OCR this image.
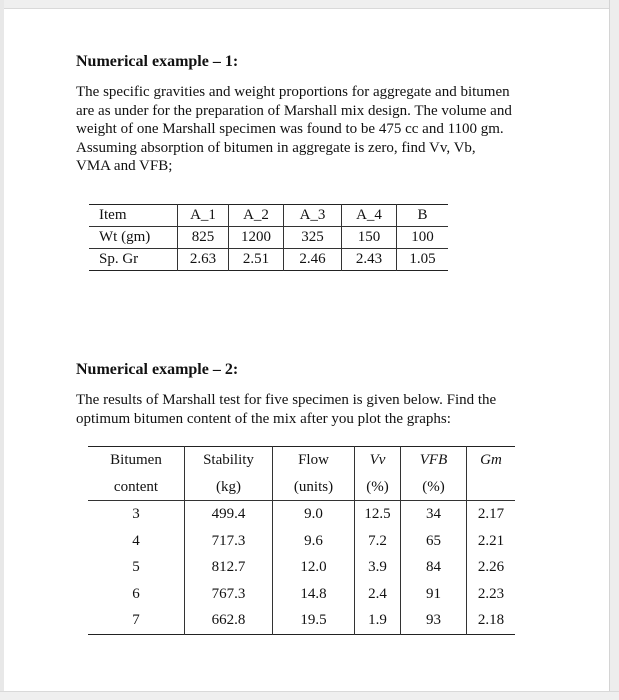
Numerical example – 1:
The specific gravities and weight proportions for aggregate and bitumen
are as under for the preparation of Marshall mix design. The volume and
weight of one Marshall specimen was found to be 475 cc and 1100 gm.
Assuming absorption of bitumen in aggregate is zero, find Vv, Vb,
VMA and VFB;
Item	A_1	A_2	A_3	A_4	B
Wt (gm)	825	1200	325	150	100
Sp. Gr	2.63	2.51	2.46	2.43	1.05
Numerical example – 2:
The results of Marshall test for five specimen is given below. Find the
optimum bitumen content of the mix after you plot the graphs:
Bitumen	Stability	Flow	Vv	VFB	Gm
content	(kg)	(units)	(%)	(%)	
3	499.4	9.0	12.5	34	2.17
4	717.3	9.6	7.2	65	2.21
5	812.7	12.0	3.9	84	2.26
6	767.3	14.8	2.4	91	2.23
7	662.8	19.5	1.9	93	2.18
